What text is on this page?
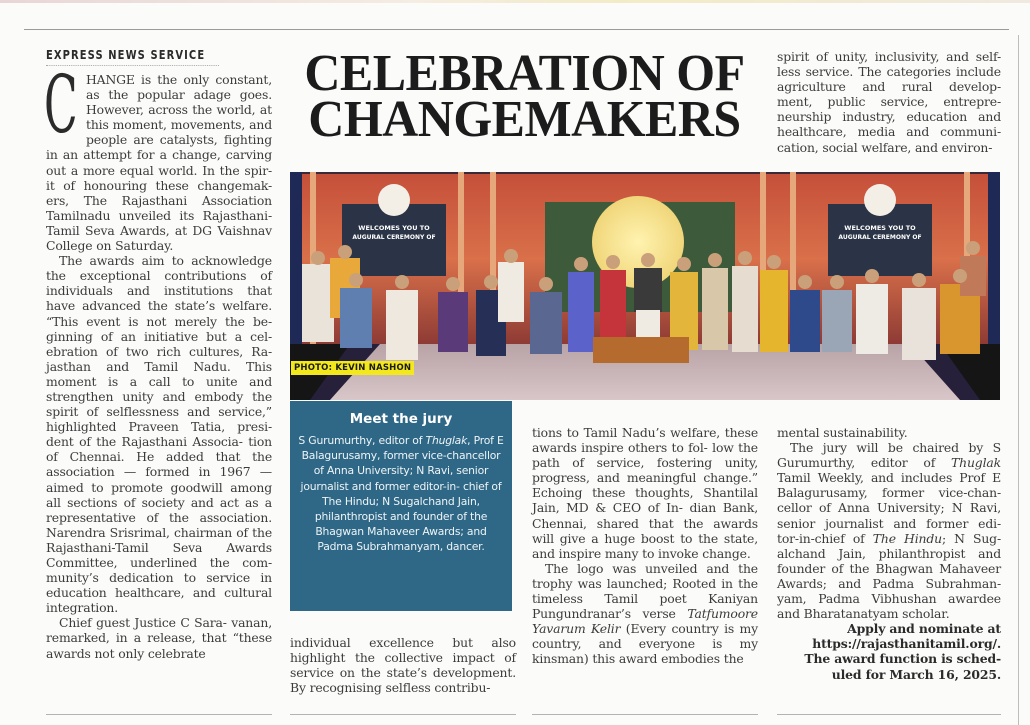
EXPRESS NEWS SERVICE

CHANGE is the only constant, as the popular adage goes. However, across the world, at this moment, movements, and people are catalysts, fighting in an attempt for a change, carving out a more equal world. In the spir- it of honouring these changemak- ers, The Rajasthani Association Tamilnadu unveiled its Rajasthani- Tamil Seva Awards, at DG Vaishnav College on Saturday.

The awards aim to acknowledge the exceptional contributions of individuals and institutions that have advanced the state’s welfare. “This event is not merely the be- ginning of an initiative but a cel- ebration of two rich cultures, Ra- jasthan and Tamil Nadu. This moment is a call to unite and strengthen unity and embody the spirit of selflessness and service,” highlighted Praveen Tatia, presi- dent of the Rajasthani Associa- tion of Chennai. He added that the association — formed in 1967 — aimed to promote goodwill among all sections of society and act as a representative of the association. Narendra Srisrimal, chairman of the Rajasthani-Tamil Seva Awards Committee, underlined the com- munity’s dedication to service in education healthcare, and cultural integration.

Chief guest Justice C Sara- vanan, remarked, in a release, that “these awards not only celebrate

CELEBRATION OF
CHANGEMAKERS

spirit of unity, inclusivity, and self- less service. The categories include agriculture and rural develop- ment, public service, entrepre- neurship industry, education and healthcare, media and communi- cation, social welfare, and environ-

WELCOMES YOU TO
AUGURAL CEREMONY OF
WELCOMES YOU TO
AUGURAL CEREMONY OF
PHOTO: KEVIN NASHON
Meet the jury

S Gurumurthy, editor of Thuglak, Prof E Balagurusamy, former vice-chancellor of Anna University; N Ravi, senior journalist and former editor-in- chief of The Hindu; N Sugalchand Jain, philanthropist and founder of the Bhagwan Mahaveer Awards; and Padma Subrahmanyam, dancer.

individual excellence but also highlight the collective impact of service on the state’s development. By recognising selfless contribu-

tions to Tamil Nadu’s welfare, these awards inspire others to fol- low the path of service, fostering unity, progress, and meaningful change.” Echoing these thoughts, Shantilal Jain, MD & CEO of In- dian Bank, Chennai, shared that the awards will give a huge boost to the state, and inspire many to invoke change.

The logo was unveiled and the trophy was launched; Rooted in the timeless Tamil poet Kaniyan Pungundranar’s verse Tatfumoore Yavarum Kelir (Every country is my country, and everyone is my kinsman) this award embodies the

mental sustainability.

The jury will be chaired by S Gurumurthy, editor of Thuglak Tamil Weekly, and includes Prof E Balagurusamy, former vice-chan- cellor of Anna University; N Ravi, senior journalist and former edi- tor-in-chief of The Hindu; N Sug- alchand Jain, philanthropist and founder of the Bhagwan Mahaveer Awards; and Padma Subrahman- yam, Padma Vibhushan awardee and Bharatanatyam scholar.

Apply and nominate at

https://rajasthanitamil.org/.

The award function is sched-

uled for March 16, 2025.
